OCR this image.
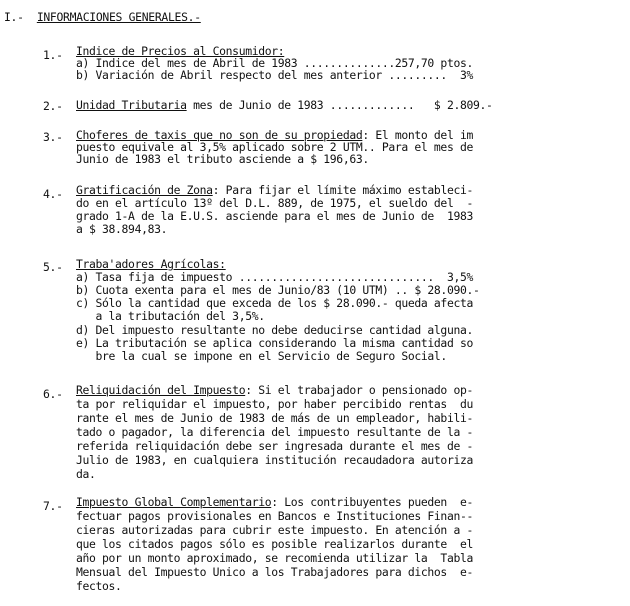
I.- INFORMACIONES GENERALES.-
1.- Indice de Precios al Consumidor:
a) Indice del mes de Abril de 1983 ..............257,70 ptos.
b) Variación de Abril respecto del mes anterior .........  3%
2.- Unidad Tributaria mes de Junio de 1983 .............   $ 2.809.-
3.- Choferes de taxis que no son de su propiedad: El monto del im
puesto equivale al 3,5% aplicado sobre 2 UTM.. Para el mes de
Junio de 1983 el tributo asciende a $ 196,63.
4.- Gratificación de Zona: Para fijar el límite máximo estableci-
do en el artículo 13º del D.L. 889, de 1975, el sueldo del  -
grado 1-A de la E.U.S. asciende para el mes de Junio de  1983
a $ 38.894,83.
5.- Traba'adores Agrícolas:
a) Tasa fija de impuesto ..............................  3,5%
b) Cuota exenta para el mes de Junio/83 (10 UTM) .. $ 28.090.-
c) Sólo la cantidad que exceda de los $ 28.090.- queda afecta
a la tributación del 3,5%.
d) Del impuesto resultante no debe deducirse cantidad alguna.
e) La tributación se aplica considerando la misma cantidad so
bre la cual se impone en el Servicio de Seguro Social.
6.- Reliquidación del Impuesto: Si el trabajador o pensionado op-
ta por reliquidar el impuesto, por haber percibido rentas  du
rante el mes de Junio de 1983 de más de un empleador, habili-
tado o pagador, la diferencia del impuesto resultante de la -
referida reliquidación debe ser ingresada durante el mes de -
Julio de 1983, en cualquiera institución recaudadora autoriza
da.
7.- Impuesto Global Complementario: Los contribuyentes pueden  e-
fectuar pagos provisionales en Bancos e Instituciones Finan--
cieras autorizadas para cubrir este impuesto. En atención a -
que los citados pagos sólo es posible realizarlos durante  el
año por un monto aproximado, se recomienda utilizar la  Tabla
Mensual del Impuesto Unico a los Trabajadores para dichos  e-
fectos.
